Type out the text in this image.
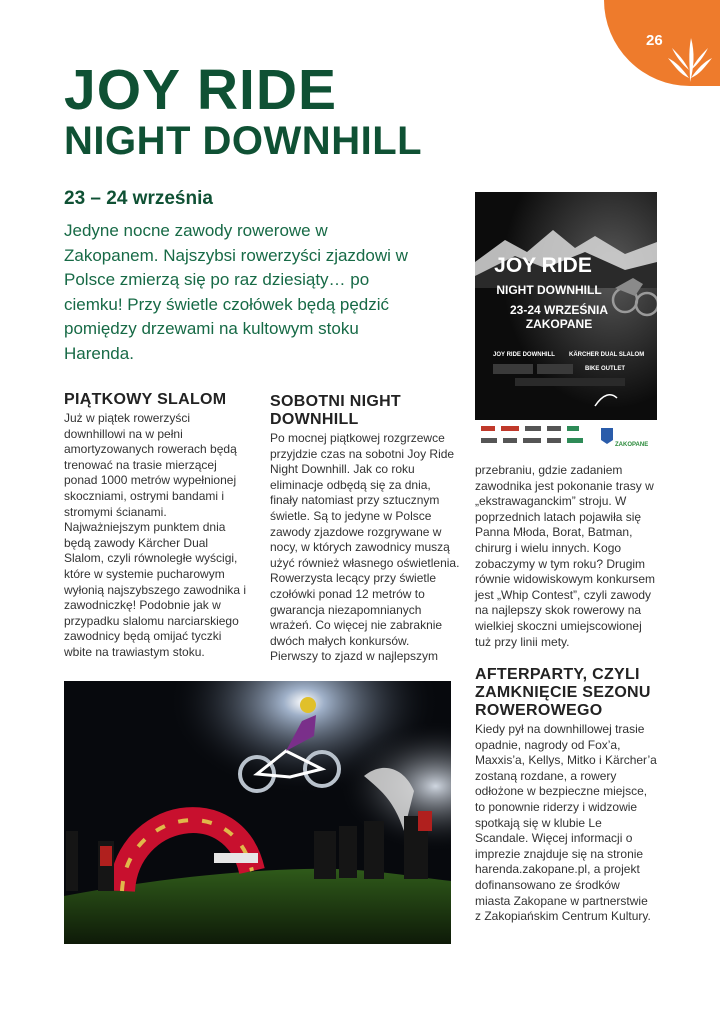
26
JOY RIDE
NIGHT DOWNHILL
23 – 24 września
Jedyne nocne zawody rowerowe w Zakopanem. Najszybsi rowerzyści zjazdowi w Polsce zmierzą się po raz dziesiąty… po ciemku! Przy świetle czołówek będą pędzić pomiędzy drzewami na kultowym stoku Harenda.
PIĄTKOWY SLALOM

Już w piątek rowerzyści downhillowi na w pełni amortyzowanych rowerach będą trenować na trasie mierzącej ponad 1000 metrów wypełnionej skoczniami, ostrymi bandami i stromymi ścianami. Najważniejszym punktem dnia będą zawody Kärcher Dual Slalom, czyli równoległe wyścigi, które w systemie pucharowym wyłonią najszybszego zawodnika i zawodniczkę! Podobnie jak w przypadku slalomu narciarskiego zawodnicy będą omijać tyczki wbite na trawiastym stoku.

SOBOTNI NIGHT DOWNHILL

Po mocnej piątkowej rozgrzewce przyjdzie czas na sobotni Joy Ride Night Downhill. Jak co roku eliminacje odbędą się za dnia, finały natomiast przy sztucznym świetle. Są to jedyne w Polsce zawody zjazdowe rozgrywane w nocy, w których zawodnicy muszą użyć również własnego oświetlenia. Rowerzysta lecący przy świetle czołówki ponad 12 metrów to gwarancja niezapomnianych wrażeń. Co więcej nie zabraknie dwóch małych konkursów. Pierwszy to zjazd w najlepszym

JOY RIDE
NIGHT DOWNHILL
23-24 WRZEŚNIA
ZAKOPANE
JOY RIDE DOWNHILL KÄRCHER DUAL SLALOM
BIKE OUTLET
ZAKOPANE

przebraniu, gdzie zadaniem zawodnika jest pokonanie trasy w „ekstrawaganckim” stroju. W poprzednich latach pojawiła się Panna Młoda, Borat, Batman, chirurg i wielu innych. Kogo zobaczymy w tym roku? Drugim równie widowiskowym konkursem jest „Whip Contest”, czyli zawody na najlepszy skok rowerowy na wielkiej skoczni umiejscowionej tuż przy linii mety.

AFTERPARTY, CZYLI ZAMKNIĘCIE SEZONU ROWEROWEGO

Kiedy pył na downhillowej trasie opadnie, nagrody od Fox’a, Maxxis’a, Kellys, Mitko i Kärcher’a zostaną rozdane, a rowery odłożone w bezpieczne miejsce, to ponownie riderzy i widzowie spotkają się w klubie Le Scandale. Więcej informacji o imprezie znajduje się na stronie harenda.zakopane.pl, a projekt dofinansowano ze środków miasta Zakopane w partnerstwie z Zakopiańskim Centrum Kultury.
